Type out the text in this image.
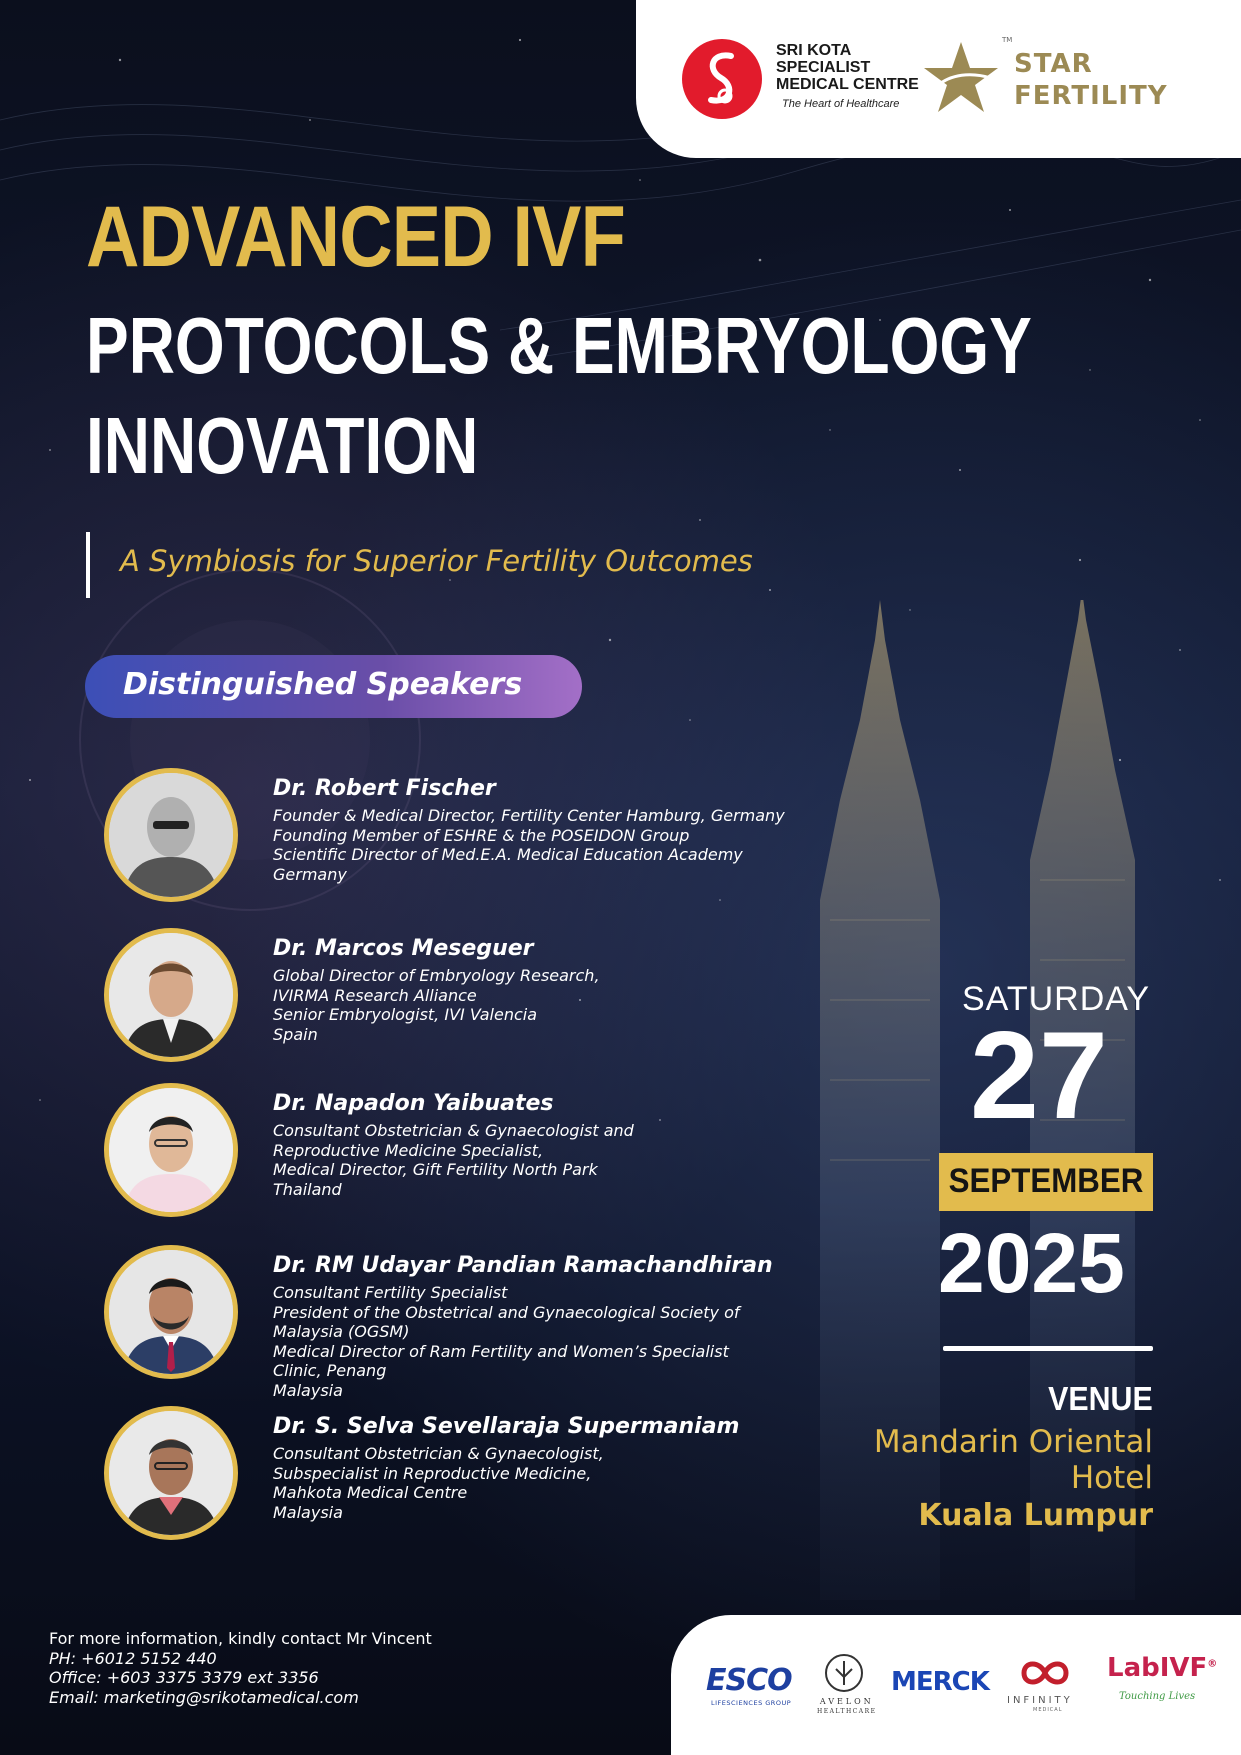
SRI KOTA
SPECIALIST
MEDICAL CENTRE
The Heart of Healthcare
TM
STAR
FERTILITY
ADVANCED IVF
PROTOCOLS & EMBRYOLOGY
INNOVATION
A Symbiosis for Superior Fertility Outcomes
Distinguished Speakers
Dr. Robert Fischer
Founder & Medical Director, Fertility Center Hamburg, Germany
Founding Member of ESHRE & the POSEIDON Group
Scientific Director of Med.E.A. Medical Education Academy
Germany
Dr. Marcos Meseguer
Global Director of Embryology Research,
IVIRMA Research Alliance
Senior Embryologist, IVI Valencia
Spain
Dr. Napadon Yaibuates
Consultant Obstetrician & Gynaecologist and
Reproductive Medicine Specialist,
Medical Director, Gift Fertility North Park
Thailand
Dr. RM Udayar Pandian Ramachandhiran
Consultant Fertility Specialist
President of the Obstetrical and Gynaecological Society of
Malaysia (OGSM)
Medical Director of Ram Fertility and Women’s Specialist
Clinic, Penang
Malaysia
Dr. S. Selva Sevellaraja Supermaniam
Consultant Obstetrician & Gynaecologist,
Subspecialist in Reproductive Medicine,
Mahkota Medical Centre
Malaysia
SATURDAY
27
SEPTEMBER
2025
VENUE
Mandarin Oriental
Hotel
Kuala Lumpur
For more information, kindly contact Mr Vincent
PH: +6012 5152 440
Office: +603 3375 3379 ext 3356
Email: marketing@srikotamedical.com	ESCO
LIFESCIENCES GROUP	AVELON
HEALTHCARE
MERCK
INFINITY
MEDICAL
LabIVF®
Touching Lives
